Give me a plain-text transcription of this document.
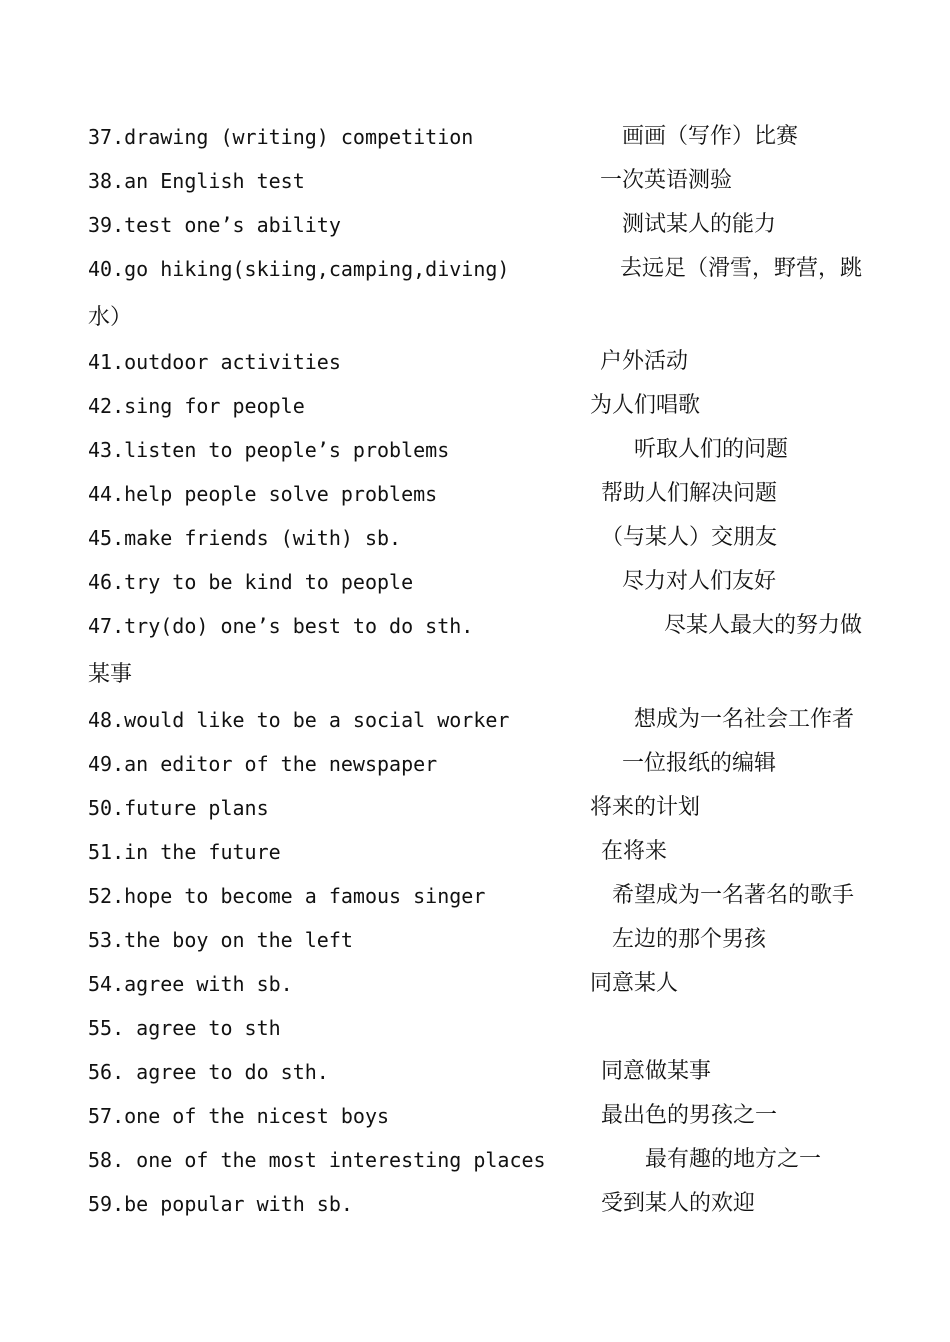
37.drawing (writing) competition	画画（写作）比赛
38.an English test	一次英语测验
39.test one’s ability	测试某人的能力
40.go hiking(skiing,camping,diving)	去远足（滑雪，野营，跳
水）
41.outdoor activities	户外活动
42.sing for people	为人们唱歌
43.listen to people’s problems	听取人们的问题
44.help people solve problems	帮助人们解决问题
45.make friends (with) sb.	（与某人）交朋友
46.try to be kind to people	尽力对人们友好
47.try(do) one’s best to do sth.	尽某人最大的努力做
某事
48.would like to be a social worker	想成为一名社会工作者
49.an editor of the newspaper	一位报纸的编辑
50.future plans	将来的计划
51.in the future	在将来
52.hope to become a famous singer	希望成为一名著名的歌手
53.the boy on the left	左边的那个男孩
54.agree with sb.	同意某人
55. agree to sth
56. agree to do sth.	同意做某事
57.one of the nicest boys	最出色的男孩之一
58. one of the most interesting places	最有趣的地方之一
59.be popular with sb.	受到某人的欢迎
